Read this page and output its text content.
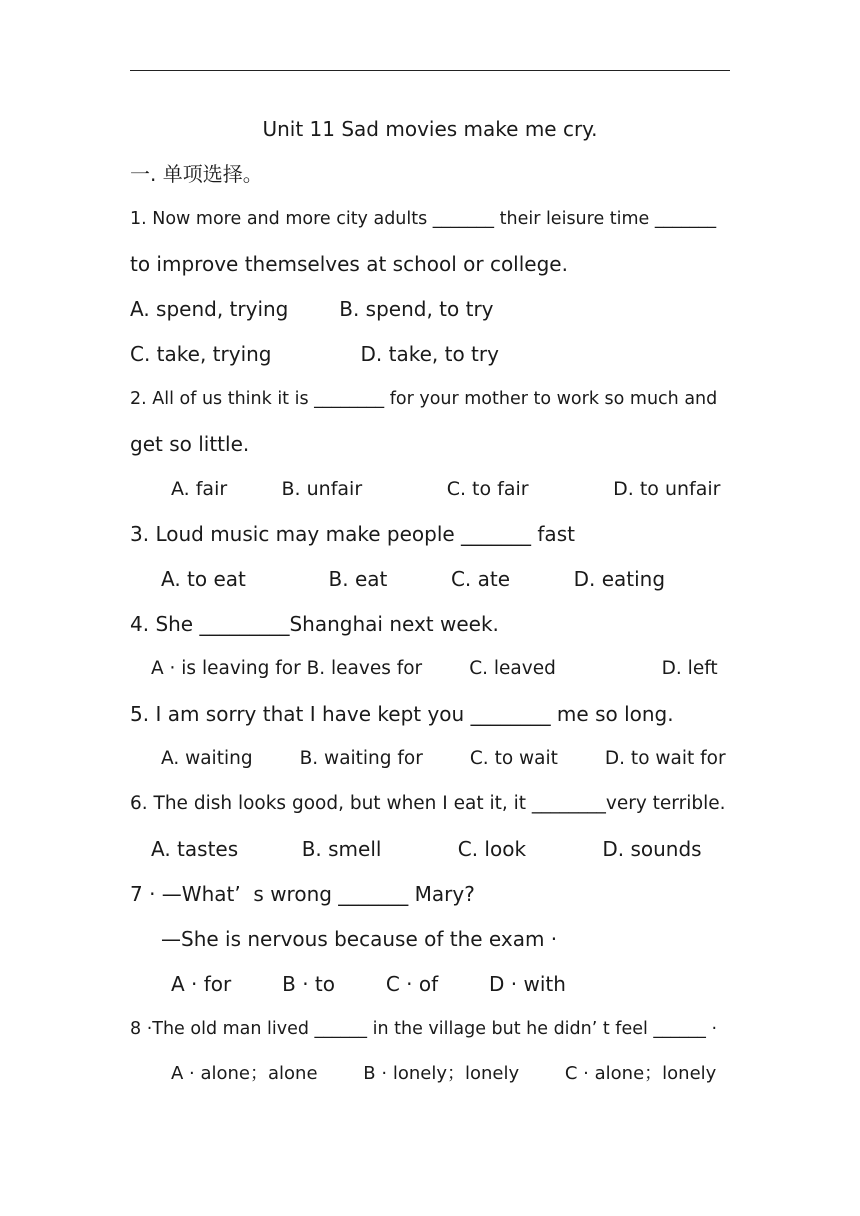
Unit 11 Sad movies make me cry.
一. 单项选择。
1. Now more and more city adults _______ their leisure time _______
to improve themselves at school or college.
A. spend, trying        B. spend, to try
C. take, trying              D. take, to try
2. All of us think it is ________ for your mother to work so much and
get so little.
A. fair         B. unfair              C. to fair              D. to unfair
3. Loud music may make people _______ fast
A. to eat             B. eat          C. ate          D. eating
4. She _________Shanghai next week.
A · is leaving for B. leaves for        C. leaved                  D. left
5. I am sorry that I have kept you ________ me so long.
A. waiting        B. waiting for        C. to wait        D. to wait for
6. The dish looks good, but when I eat it, it ________very terrible.
A. tastes          B. smell            C. look            D. sounds
7 · —What’  s wrong _______ Mary?
—She is nervous because of the exam ·
A · for        B · to        C · of        D · with
8 ·The old man lived ______ in the village but he didn’ t feel ______ ·
A · alone；alone        B · lonely；lonely        C · alone；lonely
